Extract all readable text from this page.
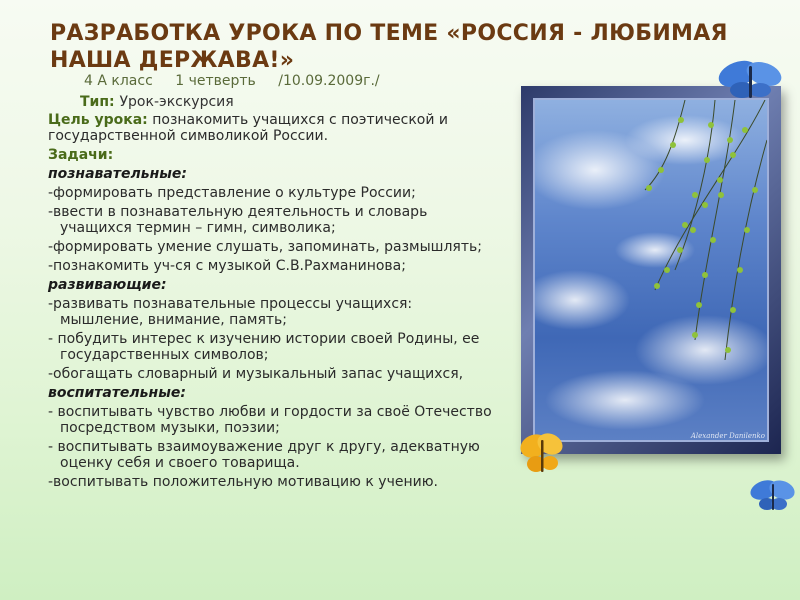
РАЗРАБОТКА УРОКА ПО ТЕМЕ «РОССИЯ - ЛЮБИМАЯ НАША ДЕРЖАВА!»
4 А класс 1 четверть /10.09.2009г./
Тип: Урок-экскурсия

Цель урока: познакомить учащихся с поэтической и государственной символикой России.

Задачи:

познавательные:

-формировать представление о культуре России;

-ввести в познавательную деятельность и словарь учащихся термин – гимн, символика;

-формировать умение слушать, запоминать, размышлять;

-познакомить уч-ся с музыкой С.В.Рахманинова;

развивающие:

-развивать познавательные процессы учащихся: мышление, внимание, память;

- побудить интерес к изучению истории своей Родины, ее государственных символов;

-обогащать словарный и музыкальный запас учащихся,

воспитательные:

- воспитывать чувство любви и гордости за своё Отечество посредством музыки, поэзии;

- воспитывать взаимоуважение друг к другу, адекватную оценку себя и своего товарища.

-воспитывать положительную мотивацию к учению.

Alexander Danilenko
